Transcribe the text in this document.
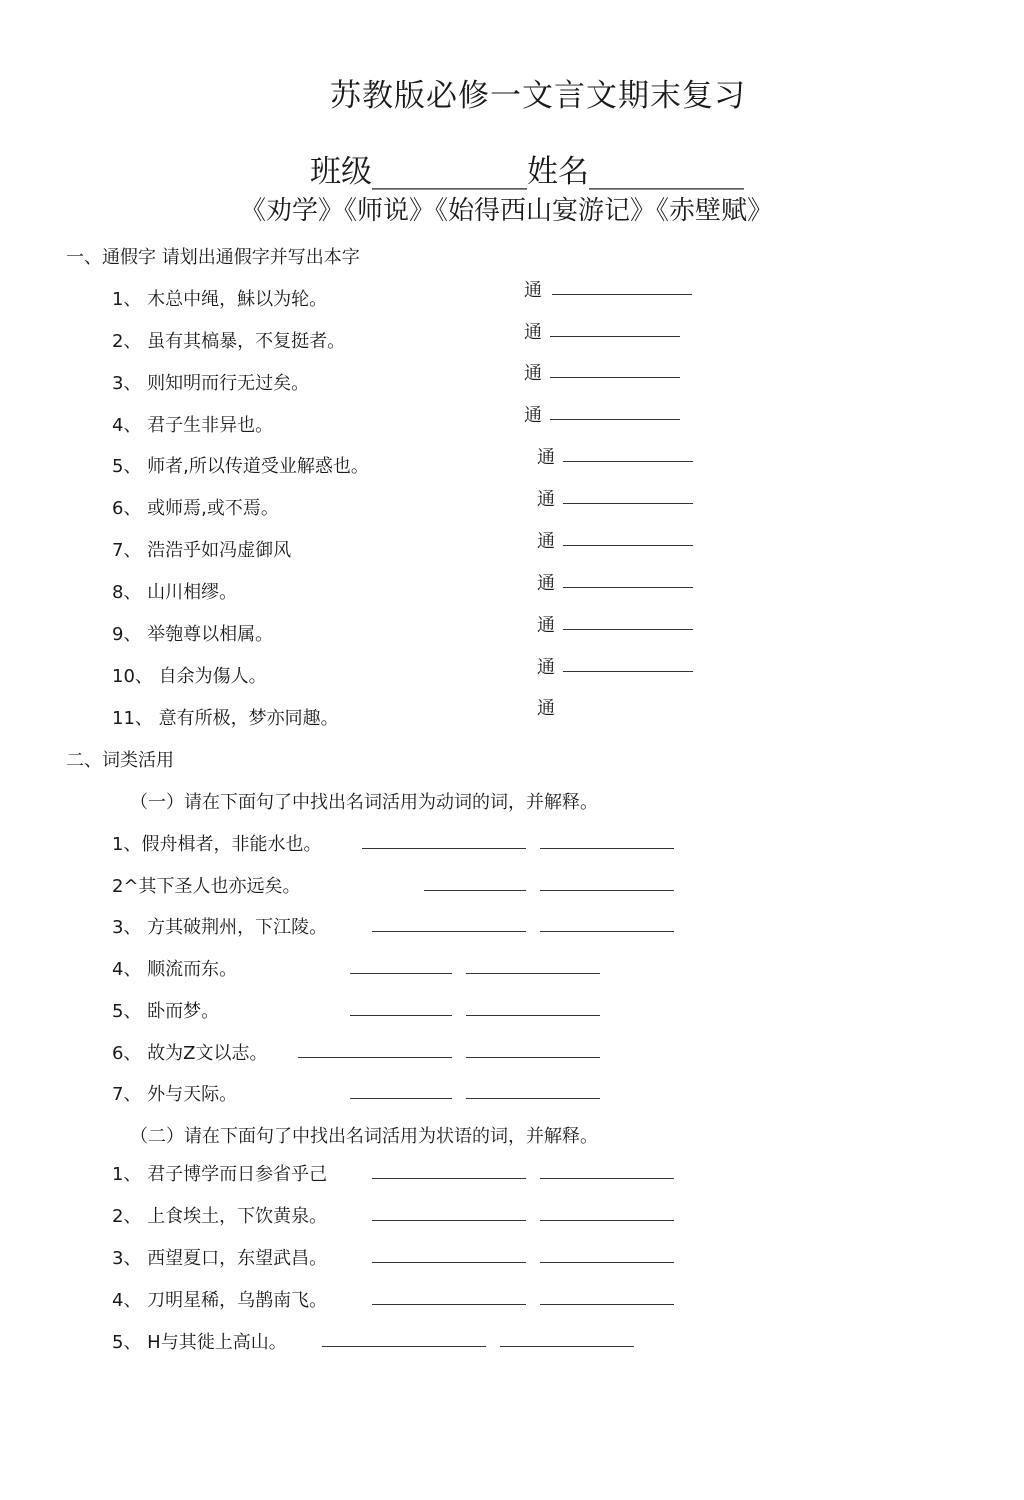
苏教版必修一文言文期末复习
班级__________姓名__________
《劝学》《师说》《始得西山宴游记》《赤壁赋》
一、通假字 请划出通假字并写出本字
1、 木总中绳，鮇以为轮。
2、 虽有其槁暴，不复挺者。
3、 则知明而行无过矣。
4、 君子生非异也。
5、 师者,所以传道受业解惑也。
6、 或师焉,或不焉。
7、 浩浩乎如冯虚御风
8、 山川相缪。
9、 举匏尊以相属。
10、 自余为傷人。
11、 意有所极，梦亦同趣。
通
通
通
通
通
通
通
通
通
通
通
二、词类活用
（一）请在下面句了中找出名词活用为动词的词，并解释。
1、假舟楫者，非能水也。
2^其下圣人也亦远矣。
3、 方其破荆州，下江陵。
4、 顺流而东。
5、 卧而梦。
6、 故为Z文以志。
7、 外与天际。
（二）请在下面句了中找出名词活用为状语的词，并解释。
1、 君子博学而日参省乎己
2、 上食埃土，下饮黄泉。
3、 西望夏口，东望武昌。
4、 刀明星稀，乌鹊南飞。
5、 H与其徙上高山。
